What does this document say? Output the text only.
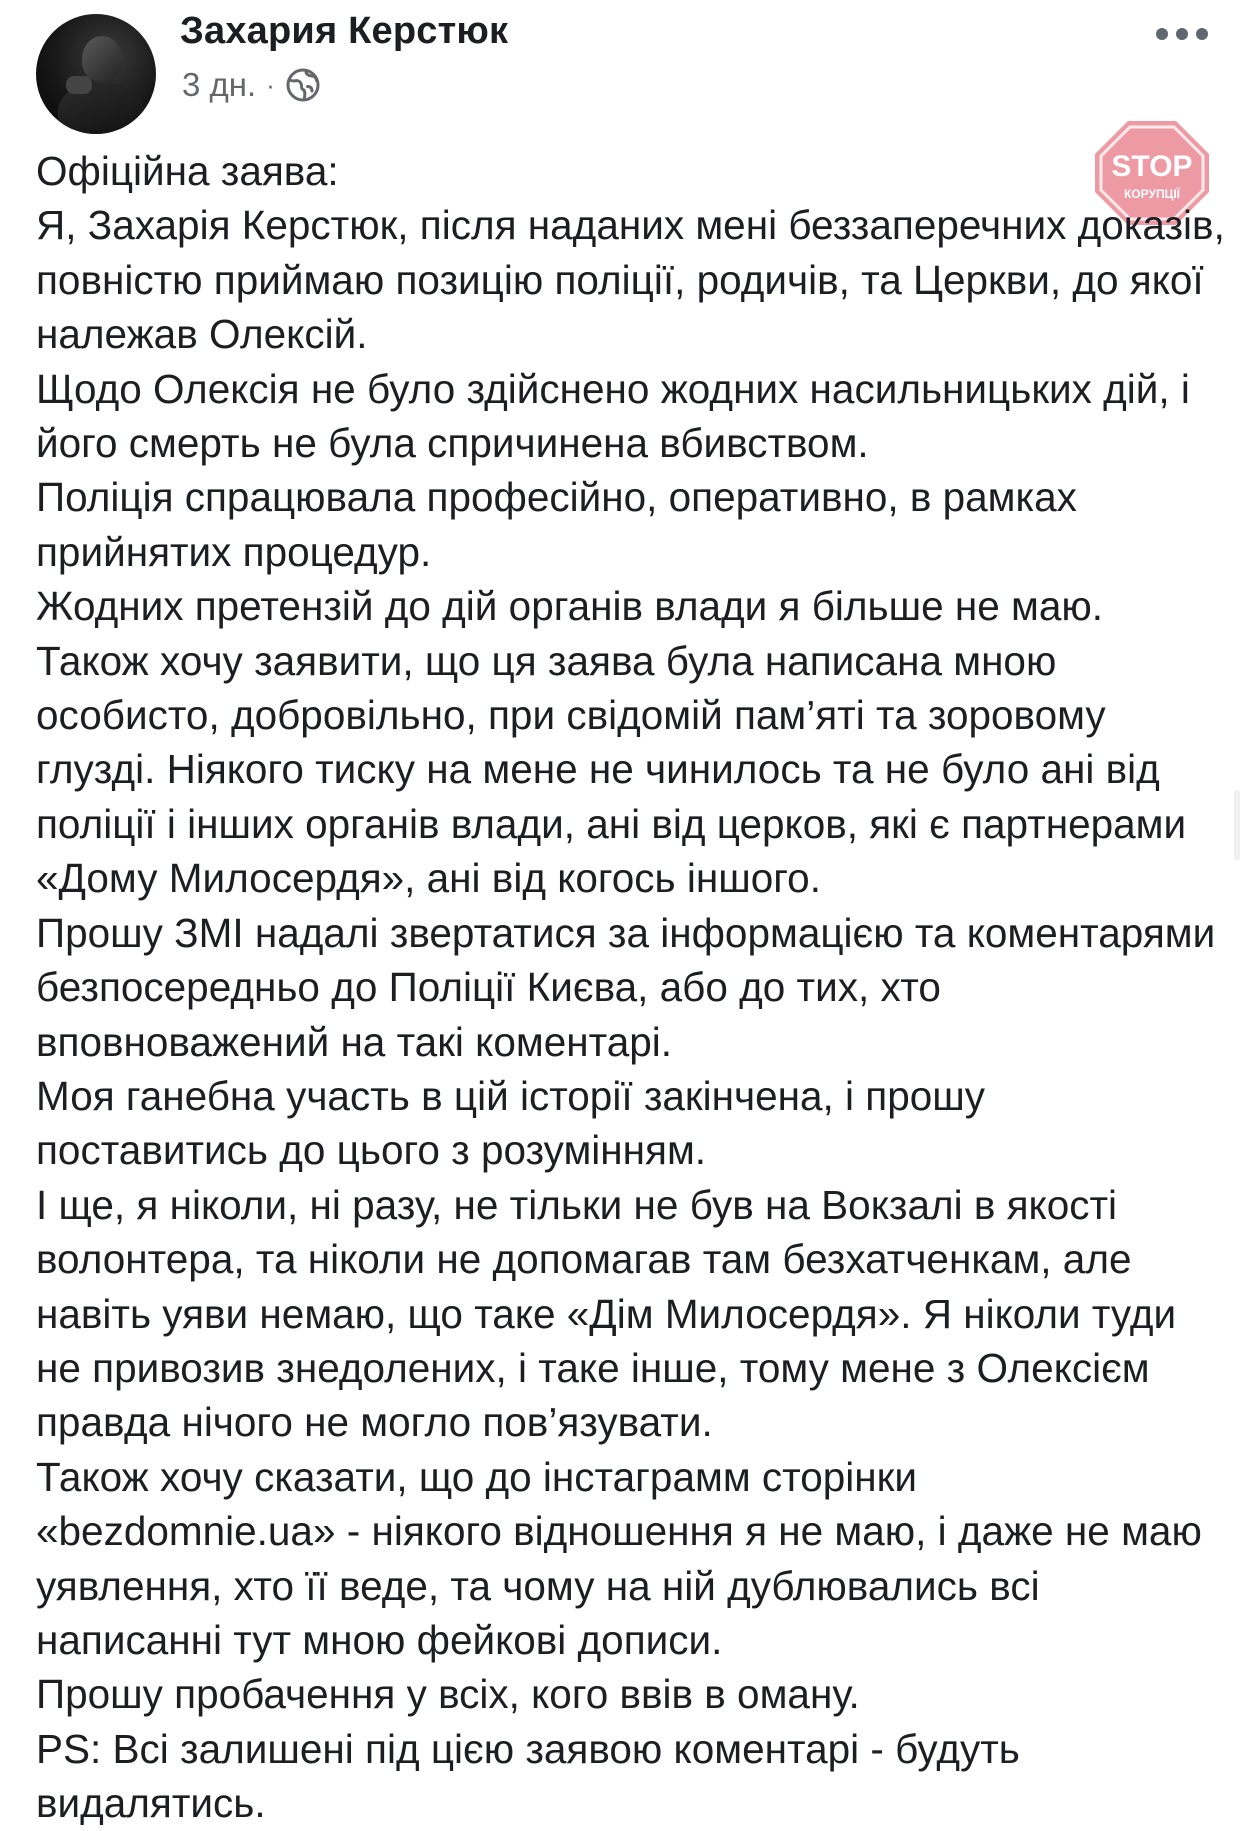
Захария Керстюк
3 дн. ·
STOP
КОРУПЦІЇ
Офіційна заява:
Я, Захарія Керстюк, після наданих мені беззаперечних доказів, повністю приймаю позицію поліції, родичів, та Церкви, до якої належав Олексій.
Щодо Олексія не було здійснено жодних насильницьких дій, і його смерть не була спричинена вбивством.
Поліція спрацювала професійно, оперативно, в рамках прийнятих процедур.
Жодних претензій до дій органів влади я більше не маю.
Також хочу заявити, що ця заява була написана мною особисто, добровільно, при свідомій пам’яті та зоровому глузді. Ніякого тиску на мене не чинилось та не було ані від поліції і інших органів влади, ані від церков, які є партнерами «Дому Милосердя», ані від когось іншого.
Прошу ЗМІ надалі звертатися за інформацією та коментарями безпосередньо до Поліції Києва, або до тих, хто вповноважений на такі коментарі.
Моя ганебна участь в цій історії закінчена, і прошу поставитись до цього з розумінням.
І ще, я ніколи, ні разу, не тільки не був на Вокзалі в якості волонтера, та ніколи не допомагав там безхатченкам, але навіть уяви немаю, що таке «Дім Милосердя». Я ніколи туди не привозив знедолених, і таке інше, тому мене з Олексієм правда нічого не могло пов’язувати.
Також хочу сказати, що до інстаграмм сторінки «bezdomnie.ua» - ніякого відношення я не маю, і даже не маю уявлення, хто її веде, та чому на ній дублювались всі написанні тут мною фейкові дописи.
Прошу пробачення у всіх, кого ввів в оману.
PS: Всі залишені під цією заявою коментарі - будуть видалятись.
